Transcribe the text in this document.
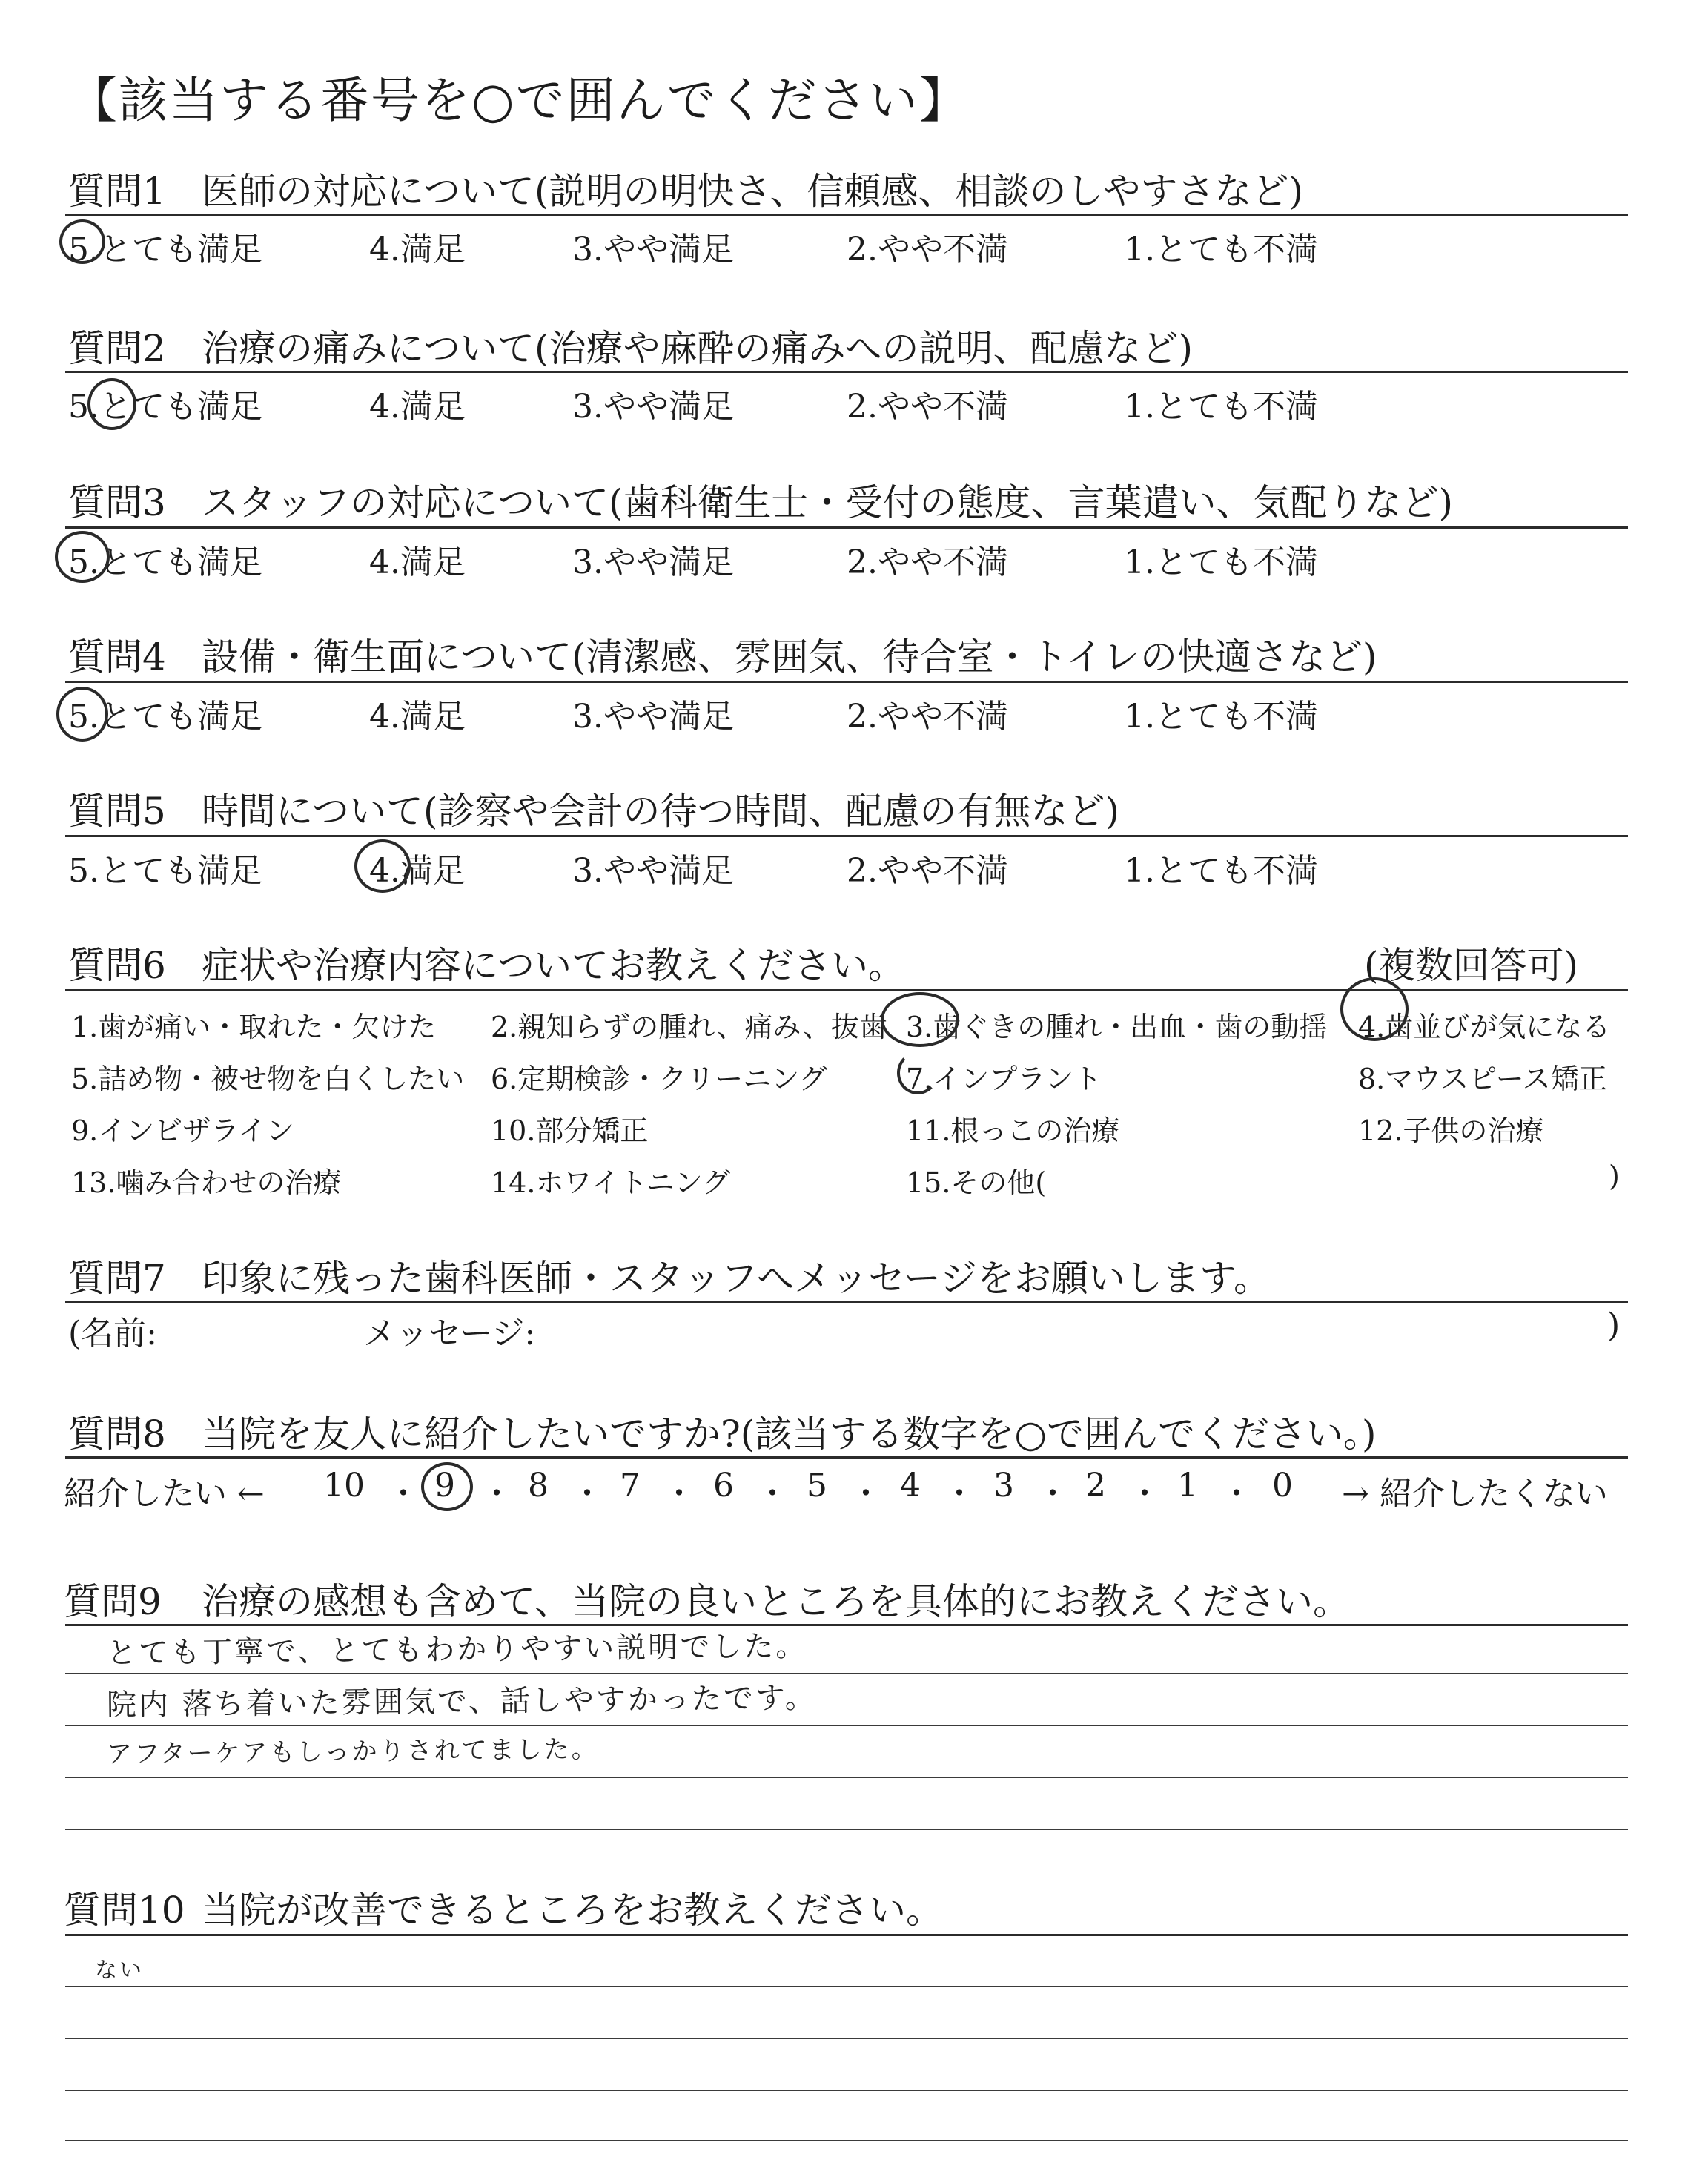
【該当する番号を○で囲んでください】
質問1 医師の対応について(説明の明快さ、信頼感、相談のしやすさなど)
5.とても満足	4.満足	3.やや満足	2.やや不満	1.とても不満
質問2 治療の痛みについて(治療や麻酔の痛みへの説明、配慮など)
5.とても満足	4.満足	3.やや満足	2.やや不満	1.とても不満
質問3 スタッフの対応について(歯科衛生士・受付の態度、言葉遣い、気配りなど)
5.とても満足	4.満足	3.やや満足	2.やや不満	1.とても不満
質問4 設備・衛生面について(清潔感、雰囲気、待合室・トイレの快適さなど)
5.とても満足	4.満足	3.やや満足	2.やや不満	1.とても不満
質問5 時間について(診察や会計の待つ時間、配慮の有無など)
5.とても満足	4.満足	3.やや満足	2.やや不満	1.とても不満
質問6 症状や治療内容についてお教えください。	(複数回答可)
1.歯が痛い・取れた・欠けた 2.親知らずの腫れ、痛み、抜歯 3.歯ぐきの腫れ・出血・歯の動揺 4.歯並びが気になる
5.詰め物・被せ物を白くしたい 6.定期検診・クリーニング	7.インプラント	8.マウスピース矯正
9.インビザライン	10.部分矯正	11.根っこの治療	12.子供の治療
13.噛み合わせの治療	14.ホワイトニング	15.その他(	)
質問7 印象に残った歯科医師・スタッフへメッセージをお願いします。
(名前:	メッセージ:	)
質問8 当院を友人に紹介したいですか?(該当する数字を○で囲んでください。)
紹介したい ← 10 ・ 9 ・ 8 ・ 7 ・ 6 ・ 5 ・ 4 ・ 3 ・ 2 ・ 1 ・ 0 → 紹介したくない
質問9 治療の感想も含めて、当院の良いところを具体的にお教えください。
とても丁寧で、とてもわかりやすい説明でした。
院内 落ち着いた雰囲気で、話しやすかったです。
アフターケアもしっかりされてました。
質問10 当院が改善できるところをお教えください。
ない
